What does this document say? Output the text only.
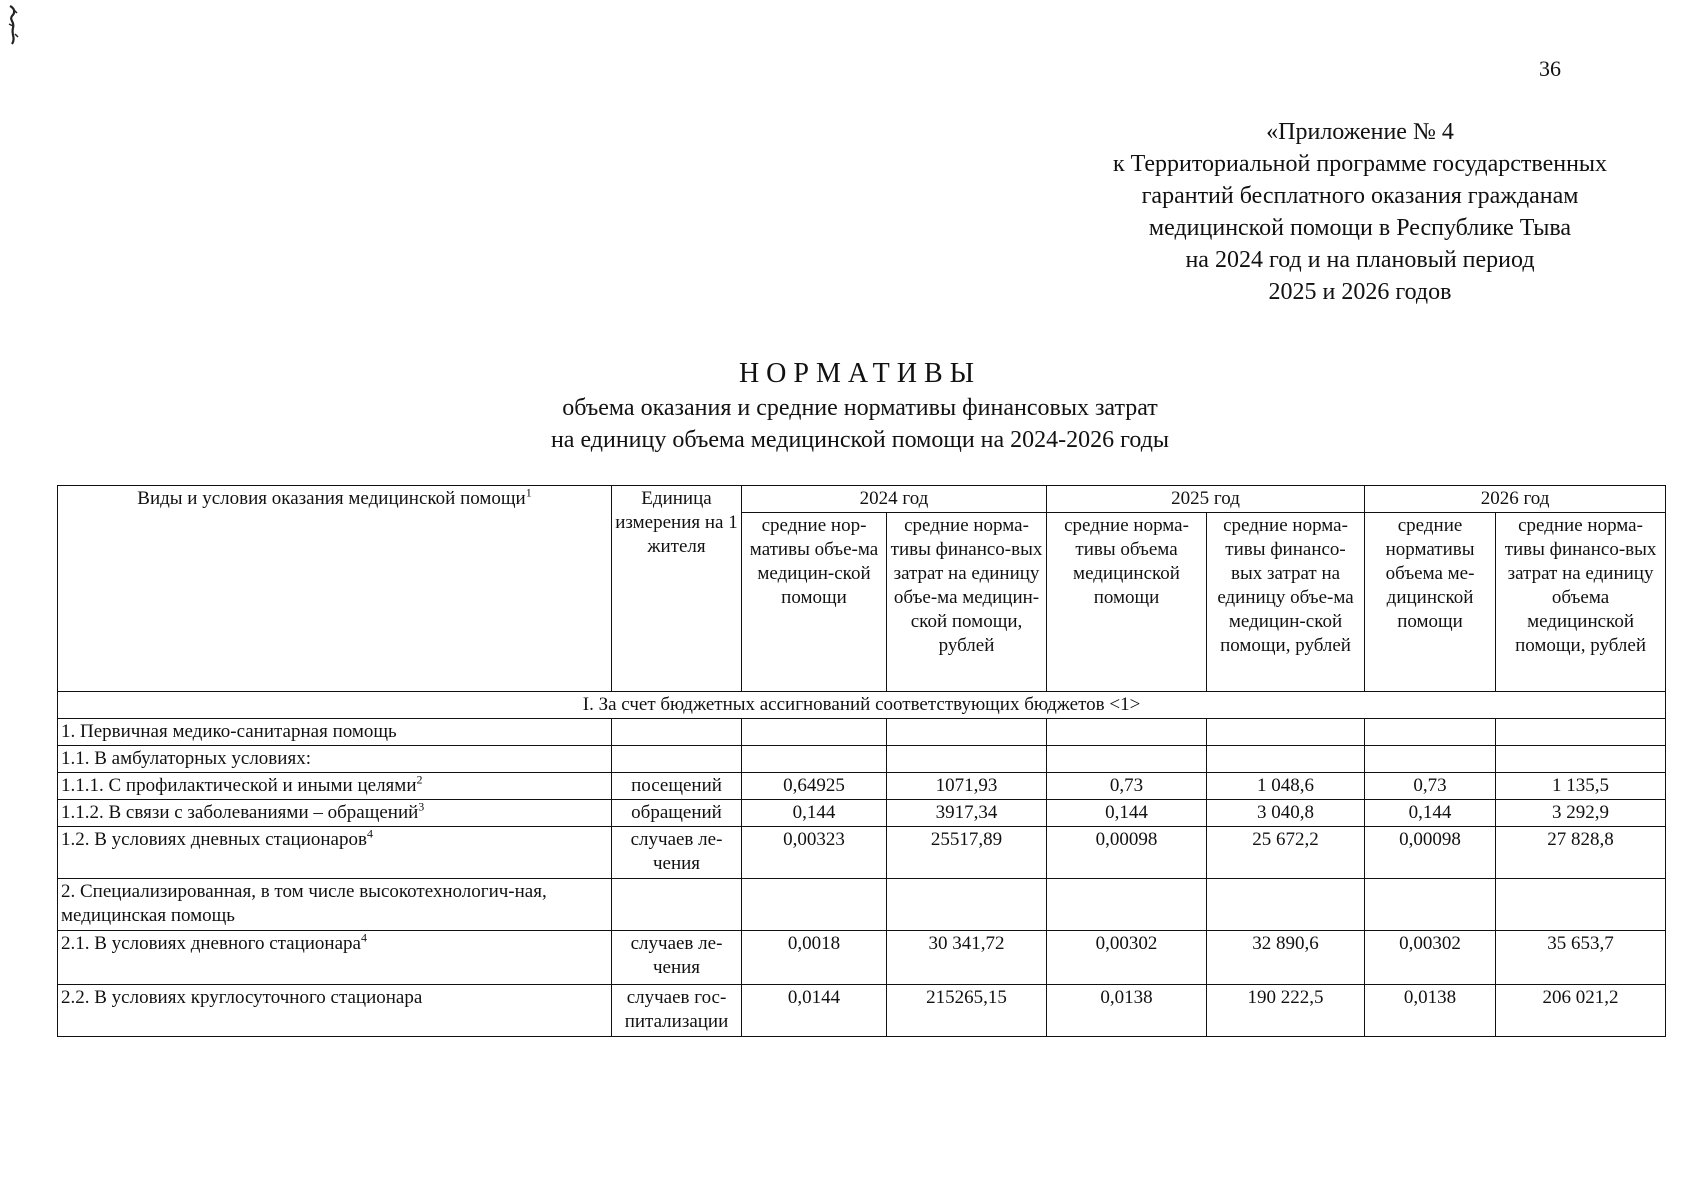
36
«Приложение № 4
к Территориальной программе государственных
гарантий бесплатного оказания гражданам
медицинской помощи в Республике Тыва
на 2024 год и на плановый период
2025 и 2026 годов
НОРМАТИВЫ
объема оказания и средние нормативы финансовых затрат
на единицу объема медицинской помощи на 2024-2026 годы
Виды и условия оказания медицинской помощи$^1$	Единица измерения на 1 жителя	2024 год		2025 год		2026 год	
		средние нор-мативы объе-ма медицин-ской помощи	средние норма-тивы финансо-вых затрат на единицу объе-ма медицин-ской помощи, рублей	средние норма-тивы объема медицинской помощи	средние норма-тивы финансо-вых затрат на единицу объе-ма медицин-ской помощи, рублей	средние нормативы объема ме-дицинской помощи	средние норма-тивы финансо-вых затрат на единицу объема медицинской помощи, рублей
I. За счет бюджетных ассигнований соответствующих бюджетов <1>							
1. Первичная медико-санитарная помощь							
1.1. В амбулаторных условиях:							
1.1.1. С профилактической и иными целями$^2$	посещений	0,64925	1071,93	0,73	1 048,6	0,73	1 135,5
1.1.2. В связи с заболеваниями – обращений$^3$	обращений	0,144	3917,34	0,144	3 040,8	0,144	3 292,9
1.2. В условиях дневных стационаров$^4$	случаев ле-чения	0,00323	25517,89	0,00098	25 672,2	0,00098	27 828,8
2. Специализированная, в том числе высокотехнологич-ная, медицинская помощь							
2.1. В условиях дневного стационара$^4$	случаев ле-чения	0,0018	30 341,72	0,00302	32 890,6	0,00302	35 653,7
2.2. В условиях круглосуточного стационара	случаев гос-питализации	0,0144	215265,15	0,0138	190 222,5	0,0138	206 021,2
